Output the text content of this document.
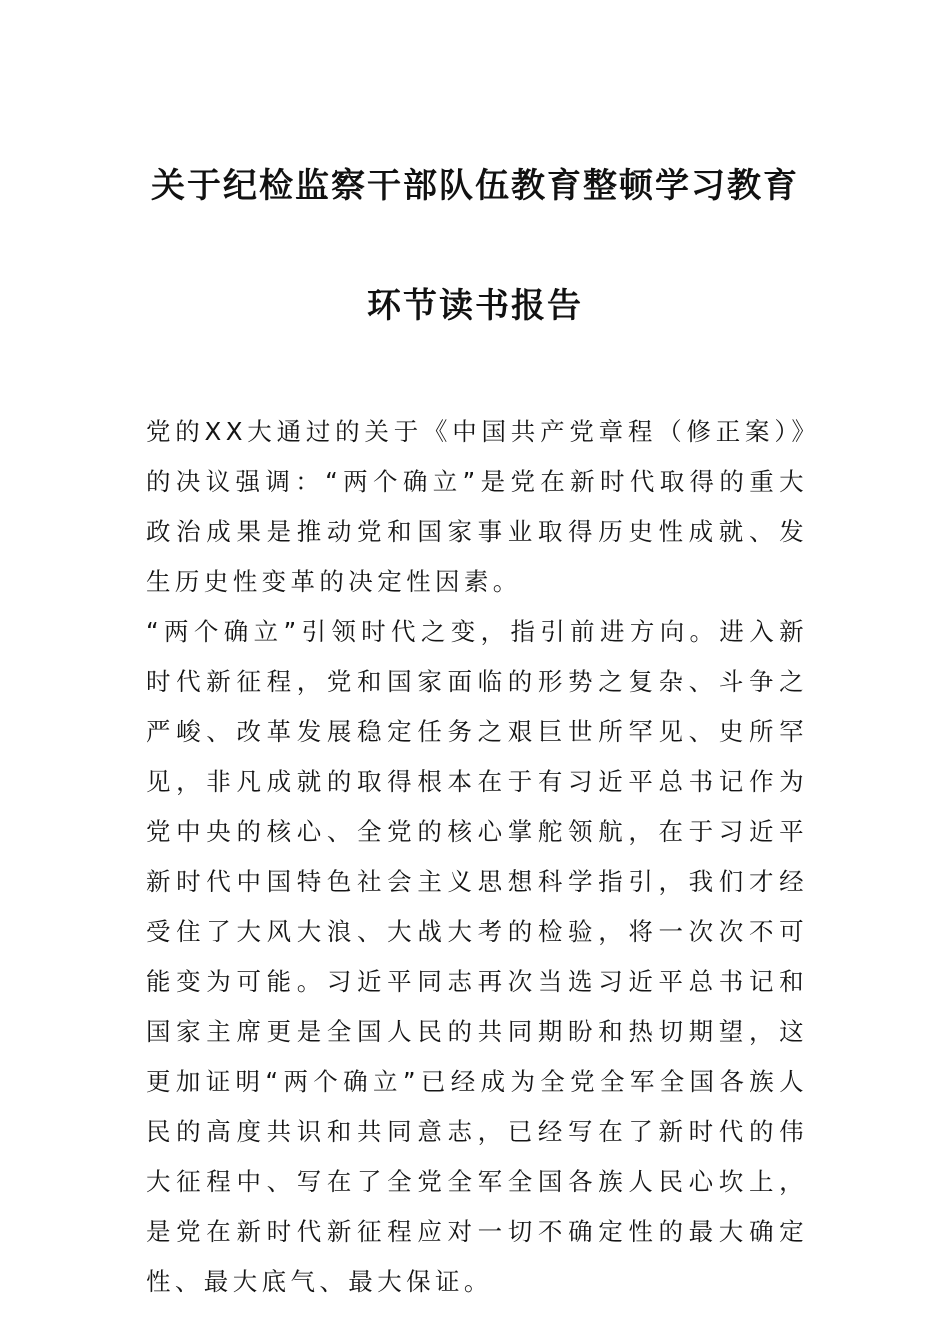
关于纪检监察干部队伍教育整顿学习教育
环节读书报告

党的XX大通过的关于《中国共产党章程（修正案）》的决议强调：“两个确立”是党在新时代取得的重大政治成果是推动党和国家事业取得历史性成就、发生历史性变革的决定性因素。

“两个确立”引领时代之变，指引前进方向。进入新时代新征程，党和国家面临的形势之复杂、斗争之严峻、改革发展稳定任务之艰巨世所罕见、史所罕见，非凡成就的取得根本在于有习近平总书记作为党中央的核心、全党的核心掌舵领航，在于习近平新时代中国特色社会主义思想科学指引，我们才经受住了大风大浪、大战大考的检验，将一次次不可能变为可能。习近平同志再次当选习近平总书记和国家主席更是全国人民的共同期盼和热切期望，这更加证明“两个确立”已经成为全党全军全国各族人民的高度共识和共同意志，已经写在了新时代的伟大征程中、写在了全党全军全国各族人民心坎上，是党在新时代新征程应对一切不确定性的最大确定性、最大底气、最大保证。
